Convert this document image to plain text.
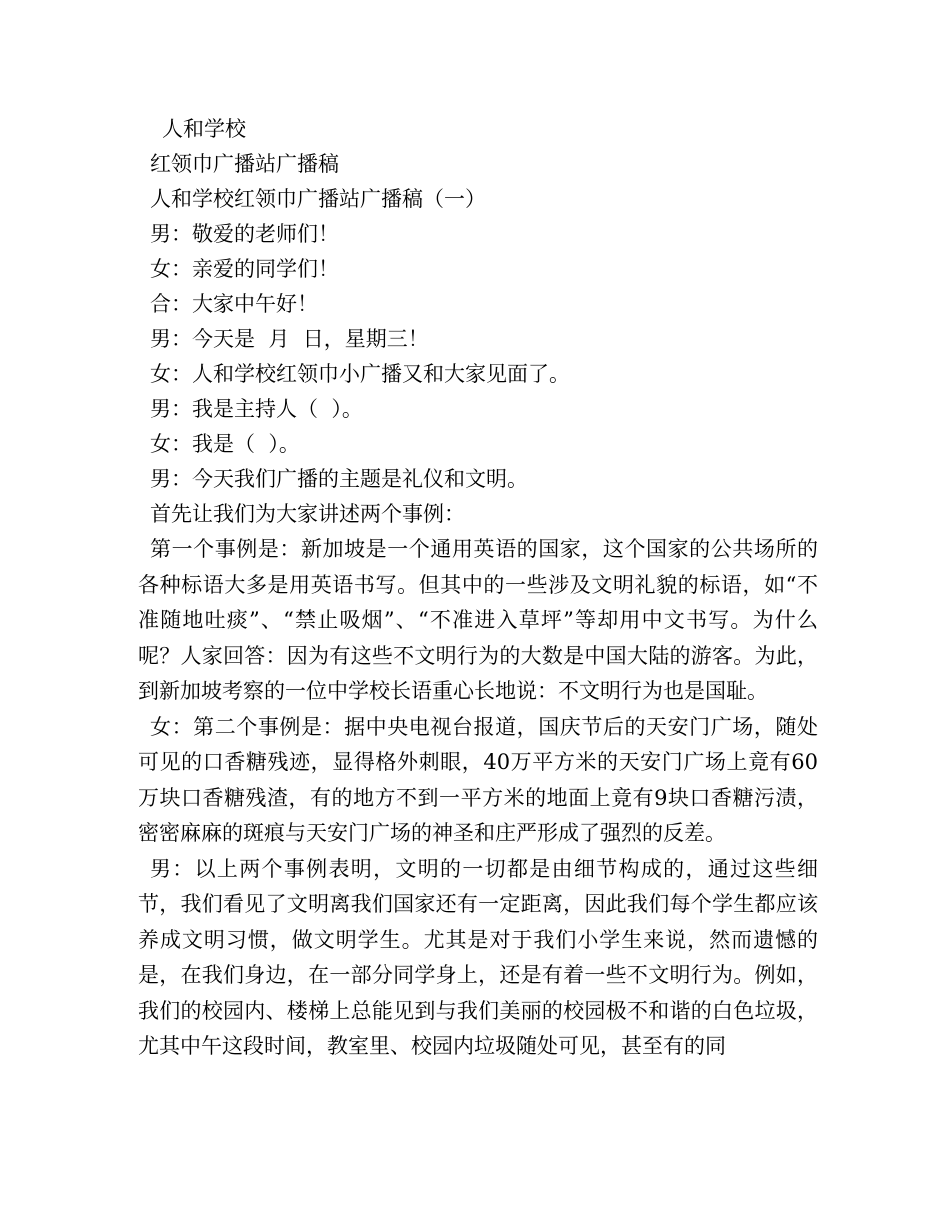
人和学校
红领巾广播站广播稿
人和学校红领巾广播站广播稿（一）
男：敬爱的老师们！
女：亲爱的同学们！
合：大家中午好！
男：今天是  月  日，星期三！
女：人和学校红领巾小广播又和大家见面了。
男：我是主持人（  ）。
女：我是（  ）。
男：今天我们广播的主题是礼仪和文明。
首先让我们为大家讲述两个事例：

第一个事例是：新加坡是一个通用英语的国家，这个国家的公共场所的各种标语大多是用英语书写。但其中的一些涉及文明礼貌的标语，如“不准随地吐痰”、“禁止吸烟”、“不准进入草坪”等却用中文书写。为什么呢？人家回答：因为有这些不文明行为的大数是中国大陆的游客。为此，到新加坡考察的一位中学校长语重心长地说：不文明行为也是国耻。

女：第二个事例是：据中央电视台报道，国庆节后的天安门广场，随处可见的口香糖残迹，显得格外刺眼，40万平方米的天安门广场上竟有60万块口香糖残渣，有的地方不到一平方米的地面上竟有9块口香糖污渍，密密麻麻的斑痕与天安门广场的神圣和庄严形成了强烈的反差。

男：以上两个事例表明，文明的一切都是由细节构成的，通过这些细节，我们看见了文明离我们国家还有一定距离，因此我们每个学生都应该养成文明习惯，做文明学生。尤其是对于我们小学生来说，然而遗憾的是，在我们身边，在一部分同学身上，还是有着一些不文明行为。例如，我们的校园内、楼梯上总能见到与我们美丽的校园极不和谐的白色垃圾，尤其中午这段时间，教室里、校园内垃圾随处可见，甚至有的同
